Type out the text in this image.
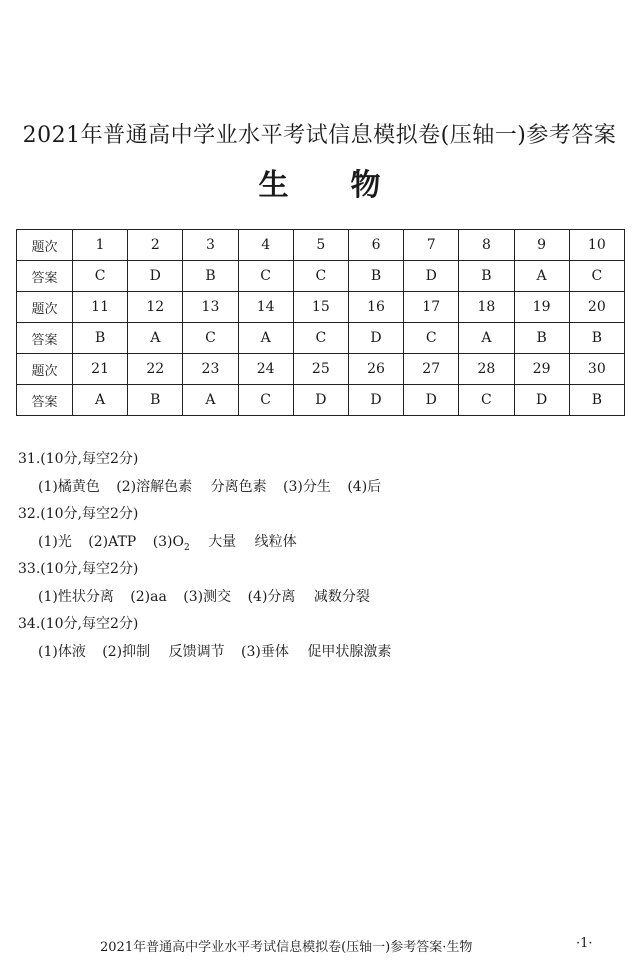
2021年普通高中学业水平考试信息模拟卷(压轴一)参考答案
生 物
题次	1	2	3	4	5	6	7	8	9	10
答案	C	D	B	C	C	B	D	B	A	C
题次	11	12	13	14	15	16	17	18	19	20
答案	B	A	C	A	C	D	C	A	B	B
题次	21	22	23	24	25	26	27	28	29	30
答案	A	B	A	C	D	D	D	C	D	B
31.(10分,每空2分)
(1)橘黄色 (2)溶解色素 分离色素 (3)分生 (4)后
32.(10分,每空2分)
(1)光 (2)ATP $(3)O_2$ 大量 线粒体
33.(10分,每空2分)
(1)性状分离 (2)aa (3)测交 (4)分离 减数分裂
34.(10分,每空2分)
(1)体液 (2)抑制 反馈调节 (3)垂体 促甲状腺激素
2021年普通高中学业水平考试信息模拟卷(压轴一)参考答案·生物	·1·
